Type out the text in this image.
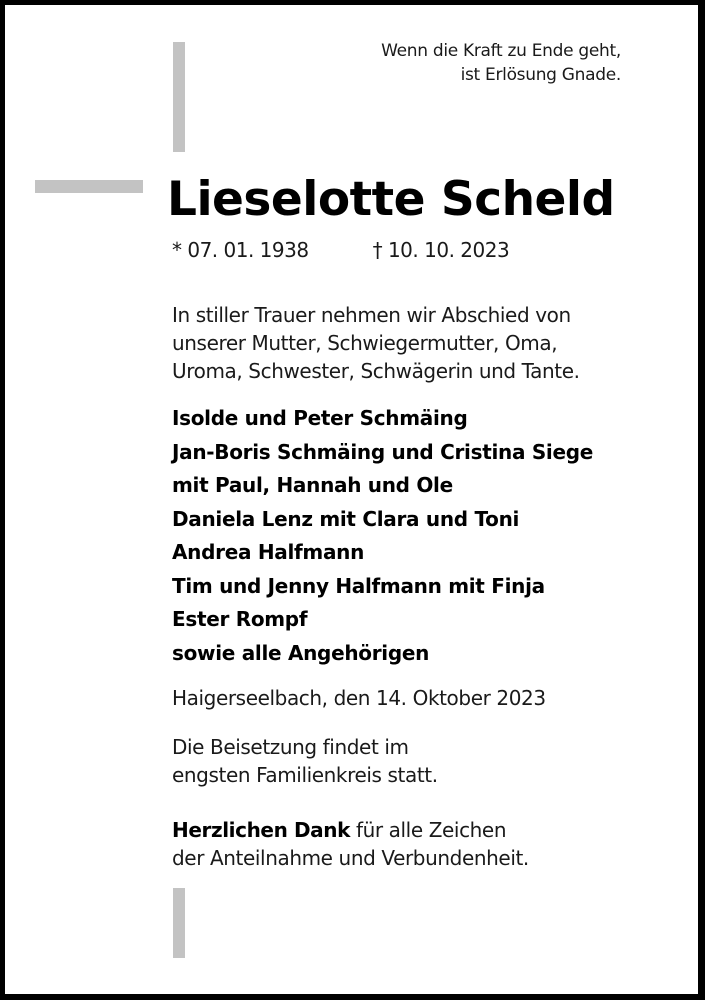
Wenn die Kraft zu Ende geht,
ist Erlösung Gnade.
Lieselotte Scheld
* 07. 01. 1938	† 10. 10. 2023
In stiller Trauer nehmen wir Abschied von
unserer Mutter, Schwiegermutter, Oma,
Uroma, Schwester, Schwägerin und Tante.
Isolde und Peter Schmäing
Jan-Boris Schmäing und Cristina Siege
mit Paul, Hannah und Ole
Daniela Lenz mit Clara und Toni
Andrea Halfmann
Tim und Jenny Halfmann mit Finja
Ester Rompf
sowie alle Angehörigen
Haigerseelbach, den 14. Oktober 2023
Die Beisetzung findet im
engsten Familienkreis statt.
Herzlichen Dank für alle Zeichen
der Anteilnahme und Verbundenheit.
